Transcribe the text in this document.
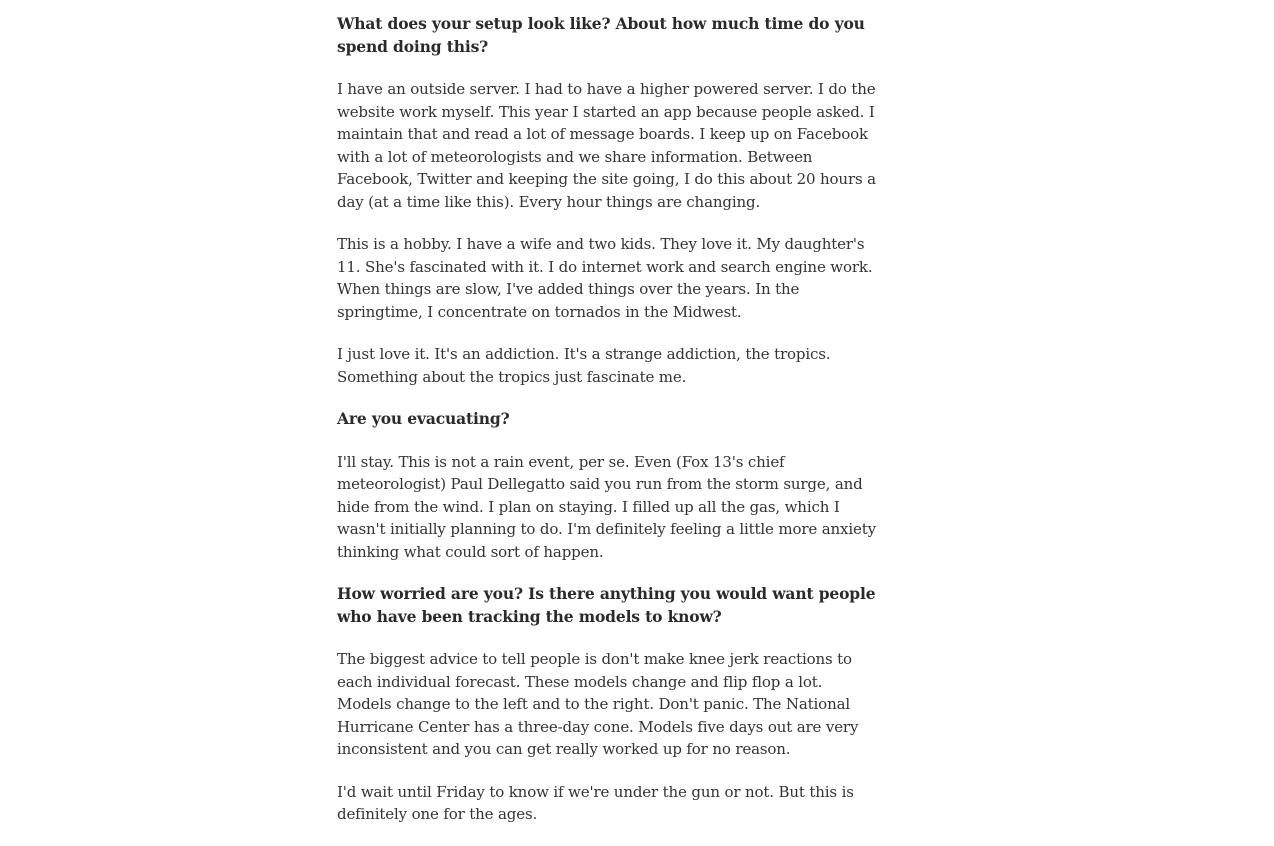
What does your setup look like? About how much time do you spend doing this?

I have an outside server. I had to have a higher powered server. I do the website work myself. This year I started an app because people asked. I maintain that and read a lot of message boards. I keep up on Facebook with a lot of meteorologists and we share information. Between Facebook, Twitter and keeping the site going, I do this about 20 hours a day (at a time like this). Every hour things are changing.

This is a hobby. I have a wife and two kids. They love it. My daughter's 11. She's fascinated with it. I do internet work and search engine work. When things are slow, I've added things over the years. In the springtime, I concentrate on tornados in the Midwest.

I just love it. It's an addiction. It's a strange addiction, the tropics. Something about the tropics just fascinate me.

Are you evacuating?

I'll stay. This is not a rain event, per se. Even (Fox 13's chief meteorologist) Paul Dellegatto said you run from the storm surge, and hide from the wind. I plan on staying. I filled up all the gas, which I wasn't initially planning to do. I'm definitely feeling a little more anxiety thinking what could sort of happen.

How worried are you? Is there anything you would want people who have been tracking the models to know?

The biggest advice to tell people is don't make knee jerk reactions to each individual forecast. These models change and flip flop a lot. Models change to the left and to the right. Don't panic. The National Hurricane Center has a three-day cone. Models five days out are very inconsistent and you can get really worked up for no reason.

I'd wait until Friday to know if we're under the gun or not. But this is definitely one for the ages.
